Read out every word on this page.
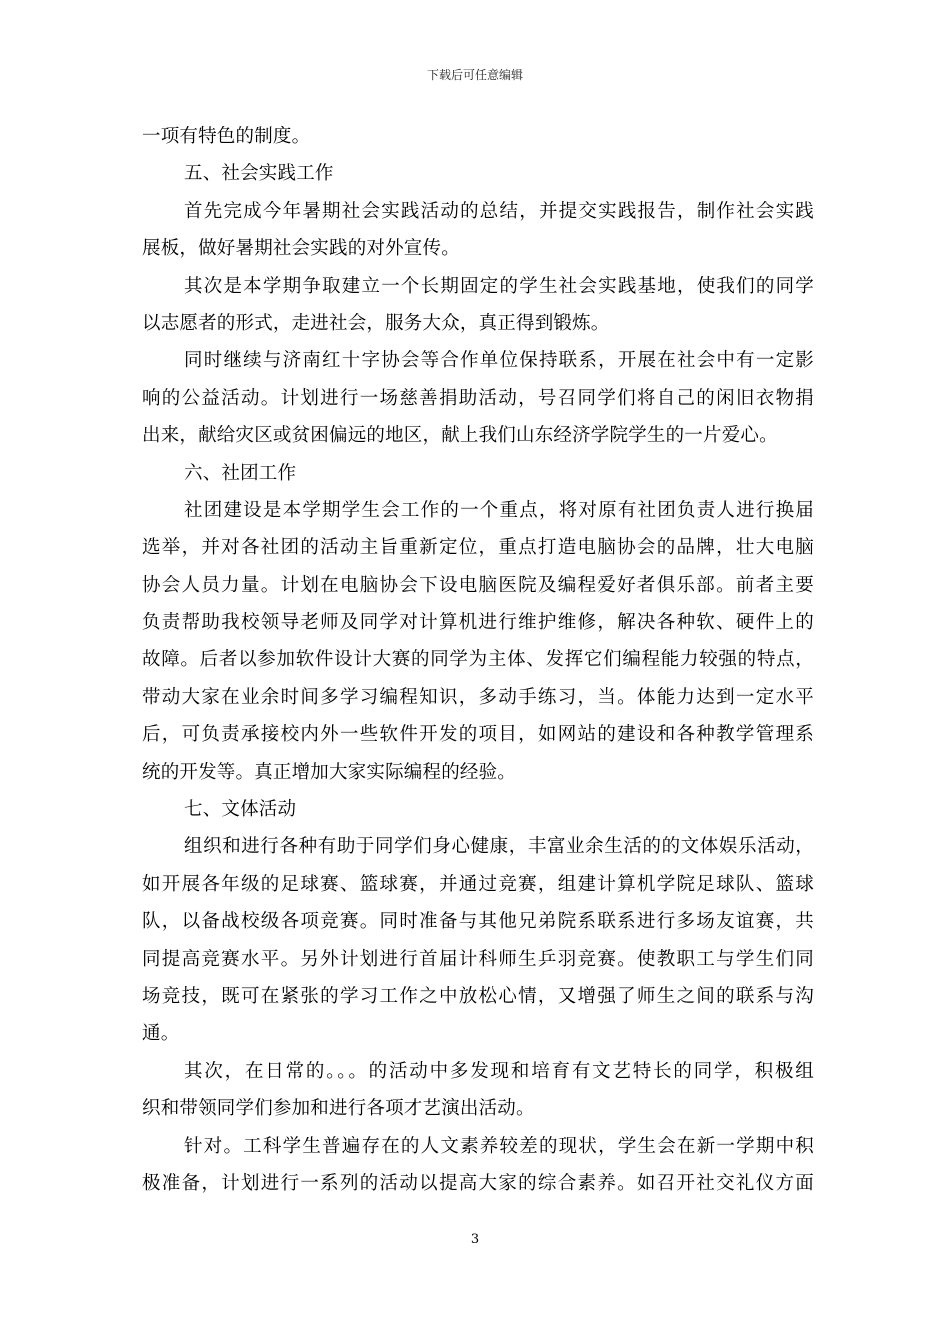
下载后可任意编辑
一项有特色的制度。
五、社会实践工作
首先完成今年暑期社会实践活动的总结，并提交实践报告，制作社会实践
展板，做好暑期社会实践的对外宣传。
其次是本学期争取建立一个长期固定的学生社会实践基地，使我们的同学
以志愿者的形式，走进社会，服务大众，真正得到锻炼。
同时继续与济南红十字协会等合作单位保持联系，开展在社会中有一定影
响的公益活动。计划进行一场慈善捐助活动，号召同学们将自己的闲旧衣物捐
出来，献给灾区或贫困偏远的地区，献上我们山东经济学院学生的一片爱心。
六、社团工作
社团建设是本学期学生会工作的一个重点，将对原有社团负责人进行换届
选举，并对各社团的活动主旨重新定位，重点打造电脑协会的品牌，壮大电脑
协会人员力量。计划在电脑协会下设电脑医院及编程爱好者俱乐部。前者主要
负责帮助我校领导老师及同学对计算机进行维护维修，解决各种软、硬件上的
故障。后者以参加软件设计大赛的同学为主体、发挥它们编程能力较强的特点，
带动大家在业余时间多学习编程知识，多动手练习，当。体能力达到一定水平
后，可负责承接校内外一些软件开发的项目，如网站的建设和各种教学管理系
统的开发等。真正增加大家实际编程的经验。
七、文体活动
组织和进行各种有助于同学们身心健康，丰富业余生活的的文体娱乐活动，
如开展各年级的足球赛、篮球赛，并通过竞赛，组建计算机学院足球队、篮球
队，以备战校级各项竞赛。同时准备与其他兄弟院系联系进行多场友谊赛，共
同提高竞赛水平。另外计划进行首届计科师生乒羽竞赛。使教职工与学生们同
场竞技，既可在紧张的学习工作之中放松心情，又增强了师生之间的联系与沟
通。
其次，在日常的。。。的活动中多发现和培育有文艺特长的同学，积极组
织和带领同学们参加和进行各项才艺演出活动。
针对。工科学生普遍存在的人文素养较差的现状，学生会在新一学期中积
极准备，计划进行一系列的活动以提高大家的综合素养。如召开社交礼仪方面
3
